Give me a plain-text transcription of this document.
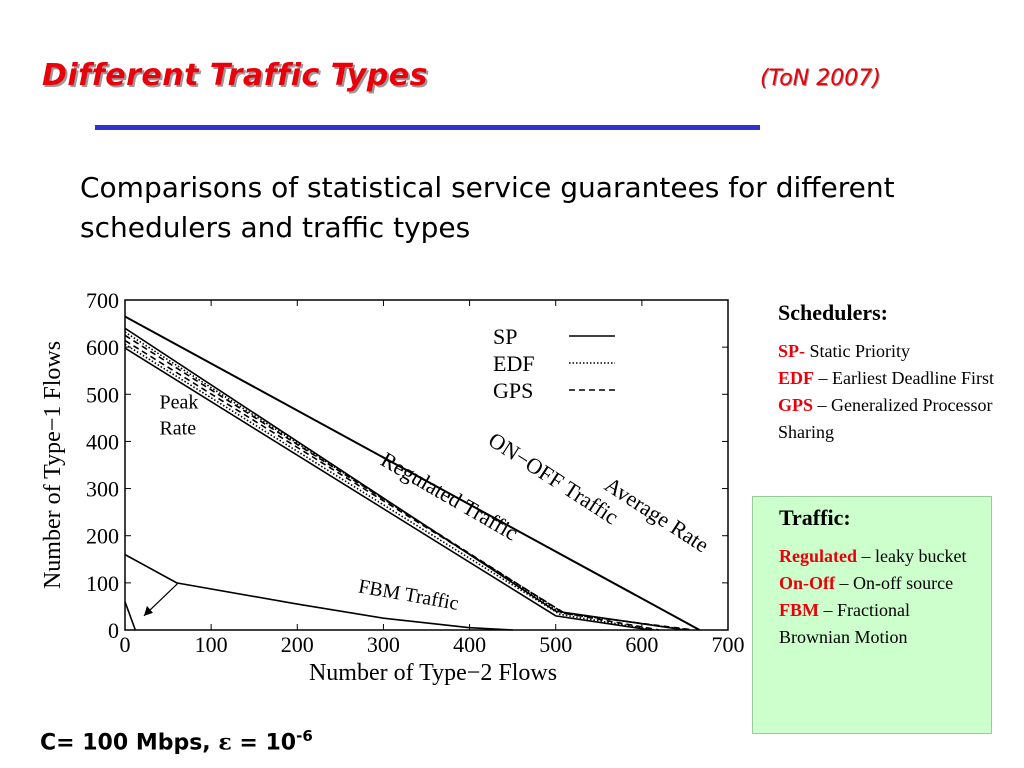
Different Traffic Types	(ToN 2007)
Comparisons of statistical service guarantees for different schedulers and traffic types
0	100 200 300 400 500 600 700
0
100
200
300
400
500
600
700
SP
EDF
GPS
Number of Type−2 Flows
Number of Type−1 Flows	Peak
Rate
FBM Traffic
Regulated Traffic
ON−OFF Traffic
Average Rate
Schedulers:
SP- Static Priority
EDF – Earliest Deadline First
GPS – Generalized Processor Sharing
Traffic:
Regulated – leaky bucket
On-Off – On-off source
FBM – Fractional Brownian Motion
C= 100 Mbps, $\varepsilon = 10^{-6}$
